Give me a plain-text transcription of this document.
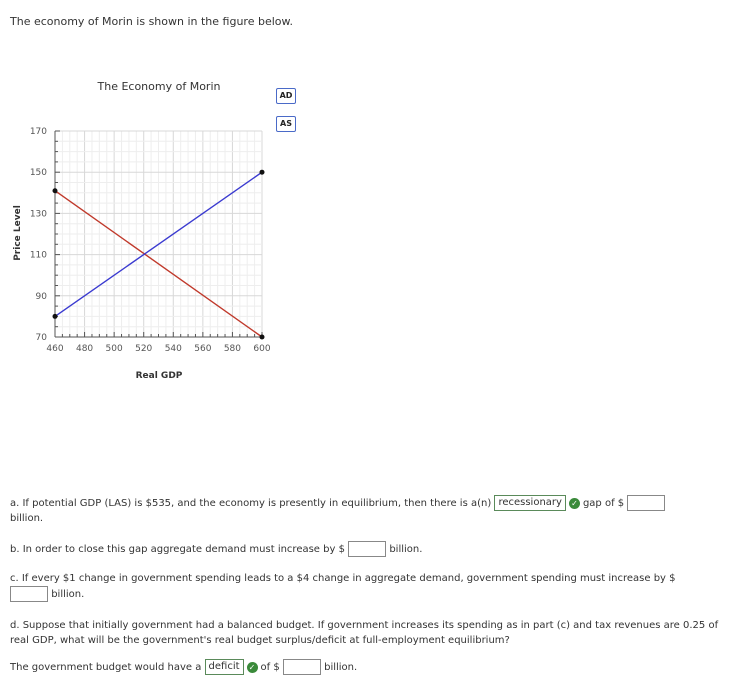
The economy of Morin is shown in the figure below.
The Economy of Morin
460 480 500 520 540 560 580 600
70
90
110
130
150
170
Real GDP
Price Level
AD
AS
a. If potential GDP (LAS) is $535, and the economy is presently in equilibrium, then there is a(n) recessionary ✓ gap of $
billion.
b. In order to close this gap aggregate demand must increase by $	billion.
c. If every $1 change in government spending leads to a $4 change in aggregate demand, government spending must increase by $
billion.
d. Suppose that initially government had a balanced budget. If government increases its spending as in part (c) and tax revenues are 0.25 of real GDP, what will be the government's real budget surplus/deficit at full-employment equilibrium?
The government budget would have a deficit ✓ of $	billion.
